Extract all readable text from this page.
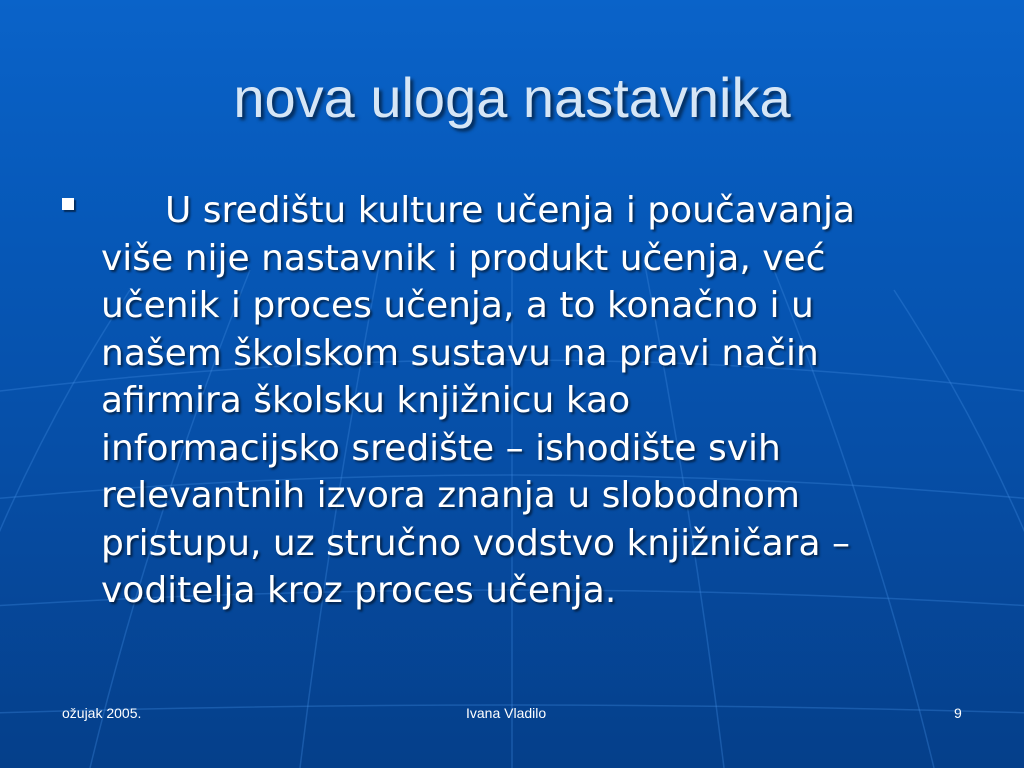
nova uloga nastavnika
U središtu kulture učenja i poučavanja
više nije nastavnik i produkt učenja, već
učenik i proces učenja, a to konačno i u
našem školskom sustavu na pravi način
afirmira školsku knjižnicu kao
informacijsko središte – ishodište svih
relevantnih izvora znanja u slobodnom
pristupu, uz stručno vodstvo knjižničara –
voditelja kroz proces učenja.
ožujak 2005.	Ivana Vladilo	9
